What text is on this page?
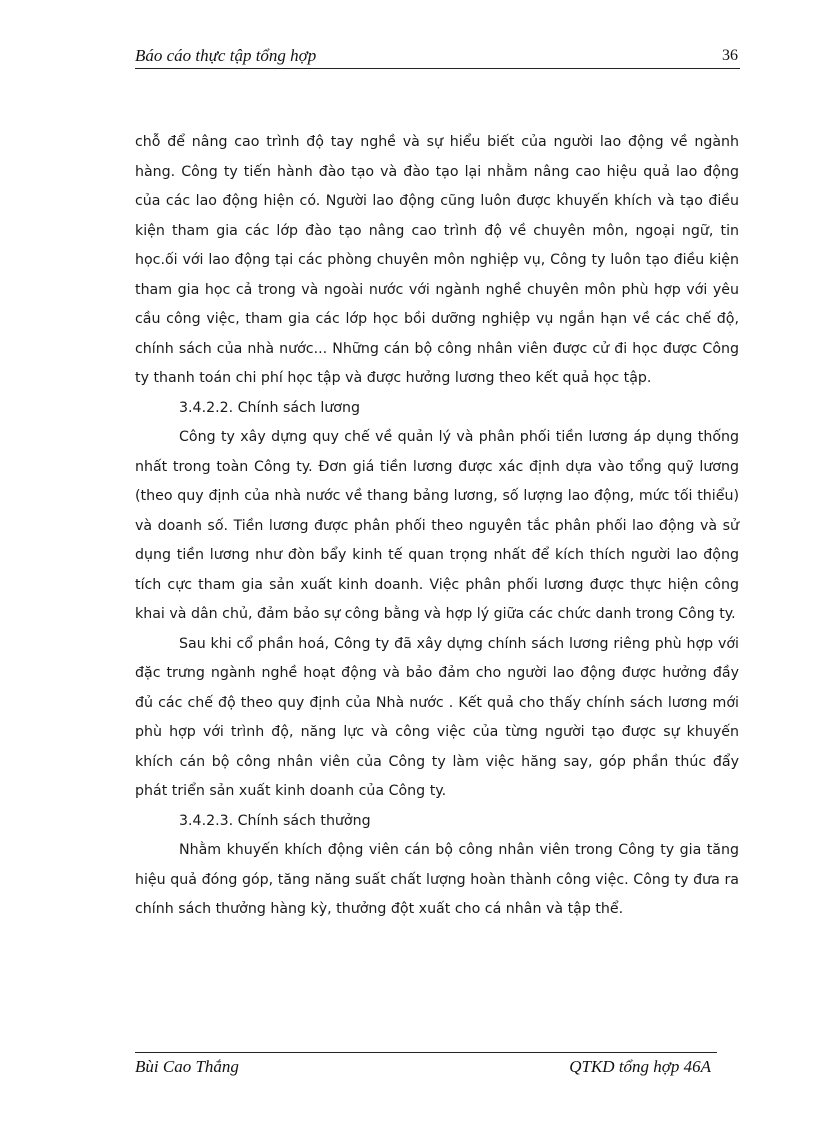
Báo cáo thực tập tổng hợp	36

chỗ để nâng cao trình độ tay nghề và sự hiểu biết của người lao động về ngành hàng. Công ty tiến hành đào tạo và đào tạo lại nhằm nâng cao hiệu quả lao động của các lao động hiện có. Người lao động cũng luôn được khuyến khích và tạo điều kiện tham gia các lớp đào tạo nâng cao trình độ về chuyên môn, ngoại ngữ, tin học.ối với lao động tại các phòng chuyên môn nghiệp vụ, Công ty luôn tạo điều kiện tham gia học cả trong và ngoài nước với ngành nghề chuyên môn phù hợp với yêu cầu công việc, tham gia các lớp học bồi dưỡng nghiệp vụ ngắn hạn về các chế độ, chính sách của nhà nước... Những cán bộ công nhân viên được cử đi học được Công ty thanh toán chi phí học tập và được hưởng lương theo kết quả học tập.

3.4.2.2. Chính sách lương

Công ty xây dựng quy chế về quản lý và phân phối tiền lương áp dụng thống nhất trong toàn Công ty. Đơn giá tiền lương được xác định dựa vào tổng quỹ lương (theo quy định của nhà nước về thang bảng lương, số lượng lao động, mức tối thiểu) và doanh số. Tiền lương được phân phối theo nguyên tắc phân phối lao động và sử dụng tiền lương như đòn bẩy kinh tế quan trọng nhất để kích thích người lao động tích cực tham gia sản xuất kinh doanh. Việc phân phối lương được thực hiện công khai và dân chủ, đảm bảo sự công bằng và hợp lý giữa các chức danh trong Công ty.

Sau khi cổ phần hoá, Công ty đã xây dựng chính sách lương riêng phù hợp với đặc trưng ngành nghề hoạt động và bảo đảm cho người lao động được hưởng đầy đủ các chế độ theo quy định của Nhà nước . Kết quả cho thấy chính sách lương mới phù hợp với trình độ, năng lực và công việc của từng người tạo được sự khuyến khích cán bộ công nhân viên của Công ty làm việc hăng say, góp phần thúc đẩy phát triển sản xuất kinh doanh của Công ty.

3.4.2.3. Chính sách thưởng

Nhằm khuyến khích động viên cán bộ công nhân viên trong Công ty gia tăng hiệu quả đóng góp, tăng năng suất chất lượng hoàn thành công việc. Công ty đưa ra chính sách thưởng hàng kỳ, thưởng đột xuất cho cá nhân và tập thể.

Bùi Cao Thắng	QTKD tổng hợp 46A
